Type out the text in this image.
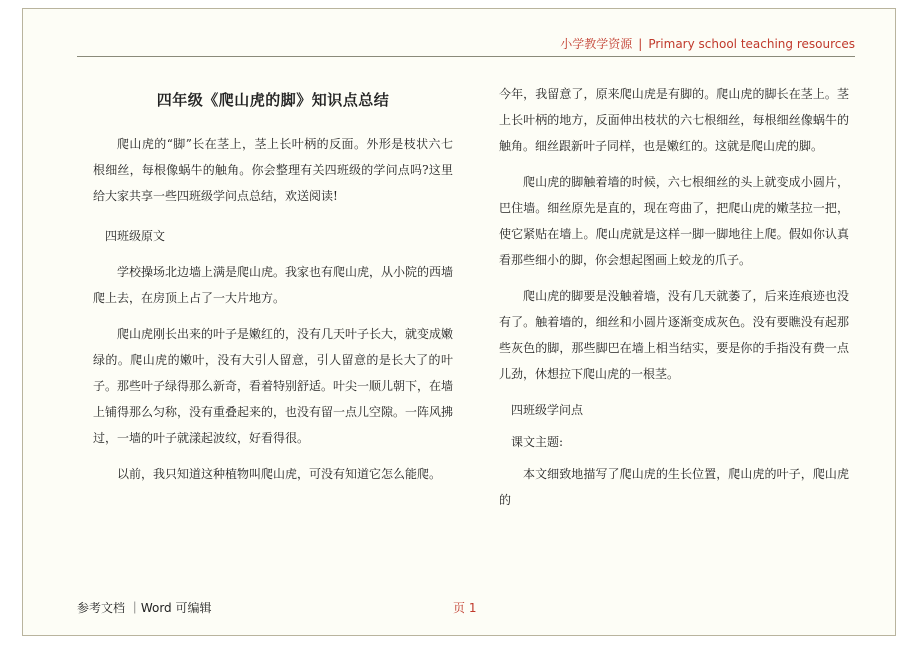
小学教学资源 | Primary school teaching resources
四年级《爬山虎的脚》知识点总结

爬山虎的“脚”长在茎上，茎上长叶柄的反面。外形是枝状六七根细丝，每根像蜗牛的触角。你会整理有关四班级的学问点吗?这里给大家共享一些四班级学问点总结，欢送阅读!

四班级原文

学校操场北边墙上满是爬山虎。我家也有爬山虎，从小院的西墙爬上去，在房顶上占了一大片地方。

爬山虎刚长出来的叶子是嫩红的，没有几天叶子长大，就变成嫩绿的。爬山虎的嫩叶，没有大引人留意，引人留意的是长大了的叶子。那些叶子绿得那么新奇，看着特别舒适。叶尖一顺儿朝下，在墙上铺得那么匀称，没有重叠起来的，也没有留一点儿空隙。一阵风拂过，一墙的叶子就漾起波纹，好看得很。

以前，我只知道这种植物叫爬山虎，可没有知道它怎么能爬。

今年，我留意了，原来爬山虎是有脚的。爬山虎的脚长在茎上。茎上长叶柄的地方，反面伸出枝状的六七根细丝，每根细丝像蜗牛的触角。细丝跟新叶子同样，也是嫩红的。这就是爬山虎的脚。

爬山虎的脚触着墙的时候，六七根细丝的头上就变成小圆片，巴住墙。细丝原先是直的，现在弯曲了，把爬山虎的嫩茎拉一把，使它紧贴在墙上。爬山虎就是这样一脚一脚地往上爬。假如你认真看那些细小的脚，你会想起图画上蛟龙的爪子。

爬山虎的脚要是没触着墙，没有几天就萎了，后来连痕迹也没有了。触着墙的，细丝和小圆片逐渐变成灰色。没有要瞧没有起那些灰色的脚，那些脚巴在墙上相当结实，要是你的手指没有费一点儿劲，休想拉下爬山虎的一根茎。

四班级学问点
课文主题:

本文细致地描写了爬山虎的生长位置，爬山虎的叶子，爬山虎的

参考文档 ｜Word 可编辑	页 1
